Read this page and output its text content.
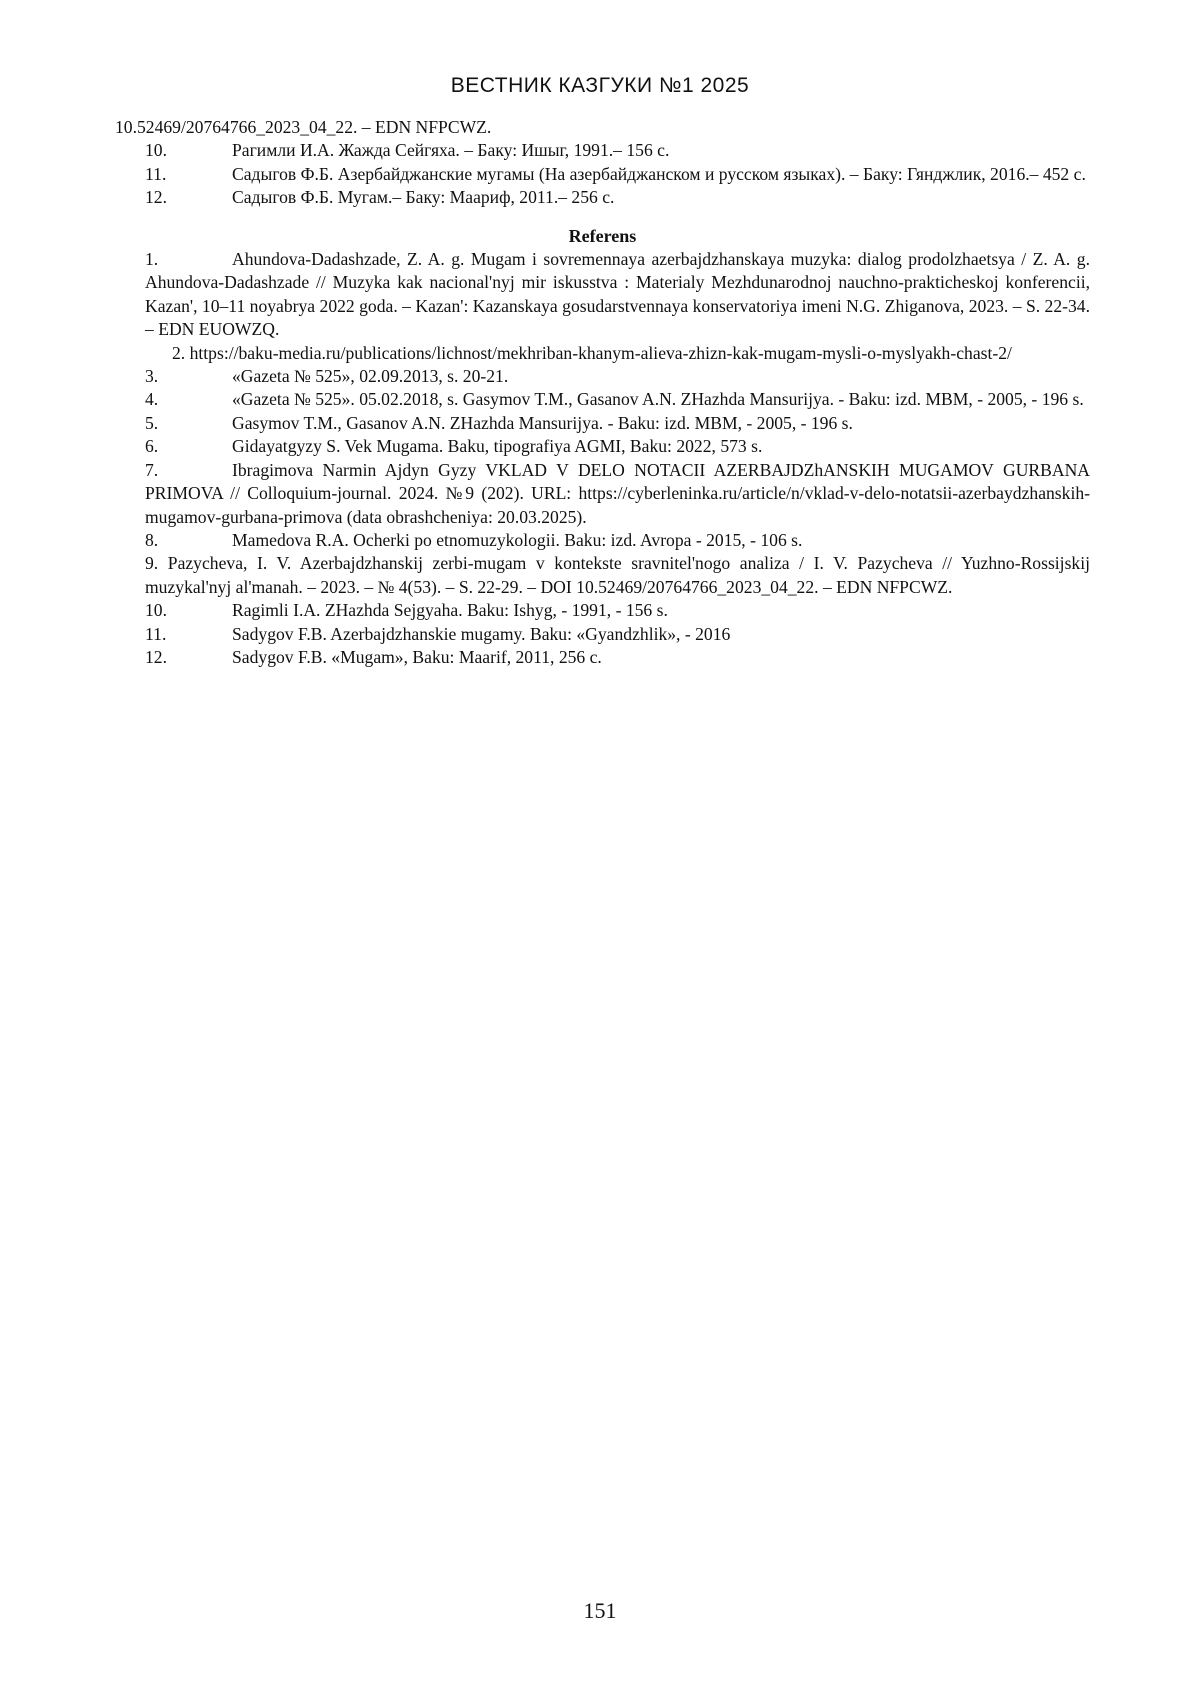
ВЕСТНИК КАЗГУКИ №1 2025

10.52469/20764766_2023_04_22. – EDN NFPCWZ.

10.	Рагимли И.А. Жажда Сейгяха. – Баку: Ишыг, 1991.– 156 с.

11.	Садыгов Ф.Б. Азербайджанские мугамы (На азербайджанском и русском языках). – Баку: Гянджлик, 2016.– 452 с.

12.	Садыгов Ф.Б. Мугам.– Баку: Маариф, 2011.– 256 с.

Referens

1.	Ahundova-Dadashzade, Z. A. g. Mugam i sovremennaya azerbajdzhanskaya muzyka: dialog prodolzhaetsya / Z. A. g. Ahundova-Dadashzade // Muzyka kak nacional'nyj mir iskusstva : Materialy Mezhdunarodnoj nauchno-prakticheskoj konferencii, Kazan', 10–11 noyabrya 2022 goda. – Kazan': Kazanskaya gosudarstvennaya konservatoriya imeni N.G. Zhiganova, 2023. – S. 22-34. – EDN EUOWZQ.

2. https://baku-media.ru/publications/lichnost/mekhriban-khanym-alieva-zhizn-kak-mugam-mysli-o-myslyakh-chast-2/

3.	«Gazeta № 525», 02.09.2013, s. 20-21.

4.	«Gazeta № 525». 05.02.2018, s. Gasymov T.M., Gasanov A.N. ZHazhda Mansurijya. - Baku: izd. MBM, - 2005, - 196 s.

5.	Gasymov T.M., Gasanov A.N. ZHazhda Mansurijya. - Baku: izd. MBM, - 2005, - 196 s.

6.	Gidayatgyzy S. Vek Mugama. Baku, tipografiya AGMI, Baku: 2022, 573 s.

7.	Ibragimova Narmin Ajdyn Gyzy VKLAD V DELO NOTACII AZERBAJDZhANSKIH MUGAMOV GURBANA PRIMOVA // Colloquium-journal. 2024. №9 (202). URL: https://cyberleninka.ru/article/n/vklad-v-delo-notatsii-azerbaydzhanskih-mugamov-gurbana-primova (data obrashcheniya: 20.03.2025).

8.	Mamedova R.A. Ocherki po etnomuzykologii. Baku: izd. Avropa - 2015, - 106 s.

9. Pazycheva, I. V. Azerbajdzhanskij zerbi-mugam v kontekste sravnitel'nogo analiza / I. V. Pazycheva // Yuzhno-Rossijskij muzykal'nyj al'manah. – 2023. – № 4(53). – S. 22-29. – DOI 10.52469/20764766_2023_04_22. – EDN NFPCWZ.

10.	Ragimli I.A. ZHazhda Sejgyaha. Baku: Ishyg, - 1991, - 156 s.

11.	Sadygov F.B. Azerbajdzhanskie mugamy. Baku: «Gyandzhlik», - 2016

12.	Sadygov F.B. «Mugam», Baku: Maarif, 2011, 256 c.

151
